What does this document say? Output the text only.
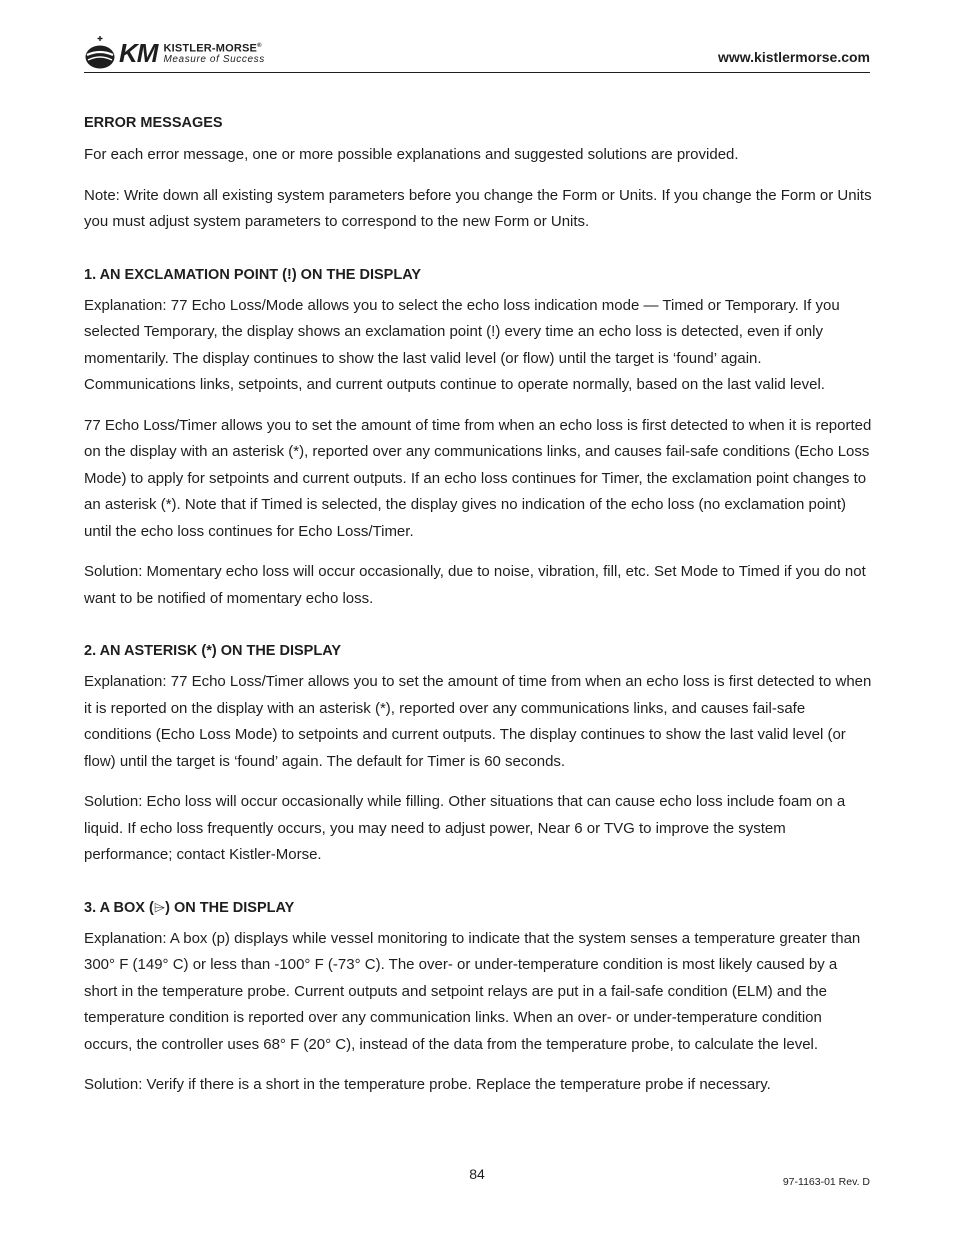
KM KISTLER-MORSE®
Measure of Success	www.kistlermorse.com
ERROR MESSAGES

For each error message, one or more possible explanations and suggested solutions are provided.

Note: Write down all existing system parameters before you change the Form or Units. If you change the Form or Units you must adjust system parameters to correspond to the new Form or Units.

1. AN EXCLAMATION POINT (!) ON THE DISPLAY

Explanation: 77 Echo Loss/Mode allows you to select the echo loss indication mode — Timed or Temporary. If you selected Temporary, the display shows an exclamation point (!) every time an echo loss is detected, even if only momentarily. The display continues to show the last valid level (or flow) until the target is ‘found’ again. Communications links, setpoints, and current outputs continue to operate normally, based on the last valid level.

77 Echo Loss/Timer allows you to set the amount of time from when an echo loss is first detected to when it is reported on the display with an asterisk (*), reported over any communications links, and causes fail-safe conditions (Echo Loss Mode) to apply for setpoints and current outputs. If an echo loss continues for Timer, the exclamation point changes to an asterisk (*). Note that if Timed is selected, the display gives no indication of the echo loss (no exclamation point) until the echo loss continues for Echo Loss/Timer.

Solution: Momentary echo loss will occur occasionally, due to noise, vibration, fill, etc. Set Mode to Timed if you do not want to be notified of momentary echo loss.

2. AN ASTERISK (*) ON THE DISPLAY

Explanation: 77 Echo Loss/Timer allows you to set the amount of time from when an echo loss is first detected to when it is reported on the display with an asterisk (*), reported over any communications links, and causes fail-safe conditions (Echo Loss Mode) to setpoints and current outputs. The display continues to show the last valid level (or flow) until the target is ‘found’ again. The default for Timer is 60 seconds.

Solution: Echo loss will occur occasionally while filling. Other situations that can cause echo loss include foam on a liquid. If echo loss frequently occurs, you may need to adjust power, Near 6 or TVG to improve the system performance; contact Kistler-Morse.

3. A BOX (⌲) ON THE DISPLAY

Explanation: A box (p) displays while vessel monitoring to indicate that the system senses a temperature greater than 300° F (149° C) or less than -100° F (-73° C). The over- or under-temperature condition is most likely caused by a short in the temperature probe. Current outputs and setpoint relays are put in a fail-safe condition (ELM) and the temperature condition is reported over any communication links. When an over- or under-temperature condition occurs, the controller uses 68° F (20° C), instead of the data from the temperature probe, to calculate the level.

Solution: Verify if there is a short in the temperature probe. Replace the temperature probe if necessary.

84	97-1163-01 Rev. D
